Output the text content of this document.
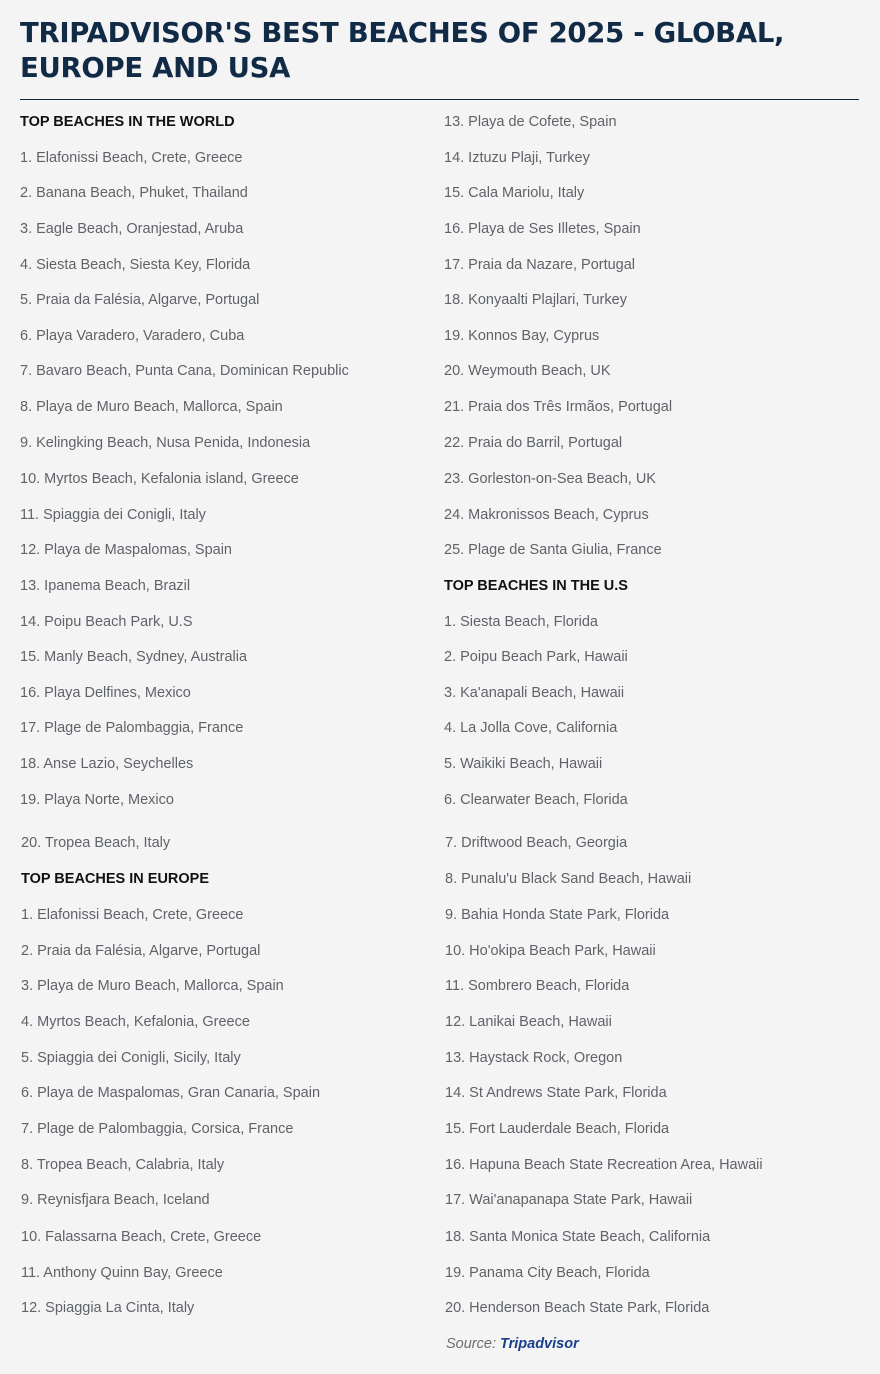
TRIPADVISOR'S BEST BEACHES OF 2025 - GLOBAL, EUROPE AND USA
TOP BEACHES IN THE WORLD
1. Elafonissi Beach, Crete, Greece
2. Banana Beach, Phuket, Thailand
3. Eagle Beach, Oranjestad, Aruba
4. Siesta Beach, Siesta Key, Florida
5. Praia da Falésia, Algarve, Portugal
6. Playa Varadero, Varadero, Cuba
7. Bavaro Beach, Punta Cana, Dominican Republic
8. Playa de Muro Beach, Mallorca, Spain
9. Kelingking Beach, Nusa Penida, Indonesia
10. Myrtos Beach, Kefalonia island, Greece
11. Spiaggia dei Conigli, Italy
12. Playa de Maspalomas, Spain
13. Ipanema Beach, Brazil
14. Poipu Beach Park, U.S
15. Manly Beach, Sydney, Australia
16. Playa Delfines, Mexico
17. Plage de Palombaggia, France
18. Anse Lazio, Seychelles
19. Playa Norte, Mexico
20. Tropea Beach, Italy
TOP BEACHES IN EUROPE
1. Elafonissi Beach, Crete, Greece
2. Praia da Falésia, Algarve, Portugal
3. Playa de Muro Beach, Mallorca, Spain
4. Myrtos Beach, Kefalonia, Greece
5. Spiaggia dei Conigli, Sicily, Italy
6. Playa de Maspalomas, Gran Canaria, Spain
7. Plage de Palombaggia, Corsica, France
8. Tropea Beach, Calabria, Italy
9. Reynisfjara Beach, Iceland
10. Falassarna Beach, Crete, Greece
11. Anthony Quinn Bay, Greece
12. Spiaggia La Cinta, Italy
13. Playa de Cofete, Spain
14. Iztuzu Plaji, Turkey
15. Cala Mariolu, Italy
16. Playa de Ses Illetes, Spain
17. Praia da Nazare, Portugal
18. Konyaalti Plajlari, Turkey
19. Konnos Bay, Cyprus
20. Weymouth Beach, UK
21. Praia dos Três Irmãos, Portugal
22. Praia do Barril, Portugal
23. Gorleston-on-Sea Beach, UK
24. Makronissos Beach, Cyprus
25. Plage de Santa Giulia, France
TOP BEACHES IN THE U.S
1. Siesta Beach, Florida
2. Poipu Beach Park, Hawaii
3. Ka'anapali Beach, Hawaii
4. La Jolla Cove, California
5. Waikiki Beach, Hawaii
6. Clearwater Beach, Florida
7. Driftwood Beach, Georgia
8. Punalu'u Black Sand Beach, Hawaii
9. Bahia Honda State Park, Florida
10. Ho'okipa Beach Park, Hawaii
11. Sombrero Beach, Florida
12. Lanikai Beach, Hawaii
13. Haystack Rock, Oregon
14. St Andrews State Park, Florida
15. Fort Lauderdale Beach, Florida
16. Hapuna Beach State Recreation Area, Hawaii
17. Wai'anapanapa State Park, Hawaii
18. Santa Monica State Beach, California
19. Panama City Beach, Florida
20. Henderson Beach State Park, Florida
Source: Tripadvisor
